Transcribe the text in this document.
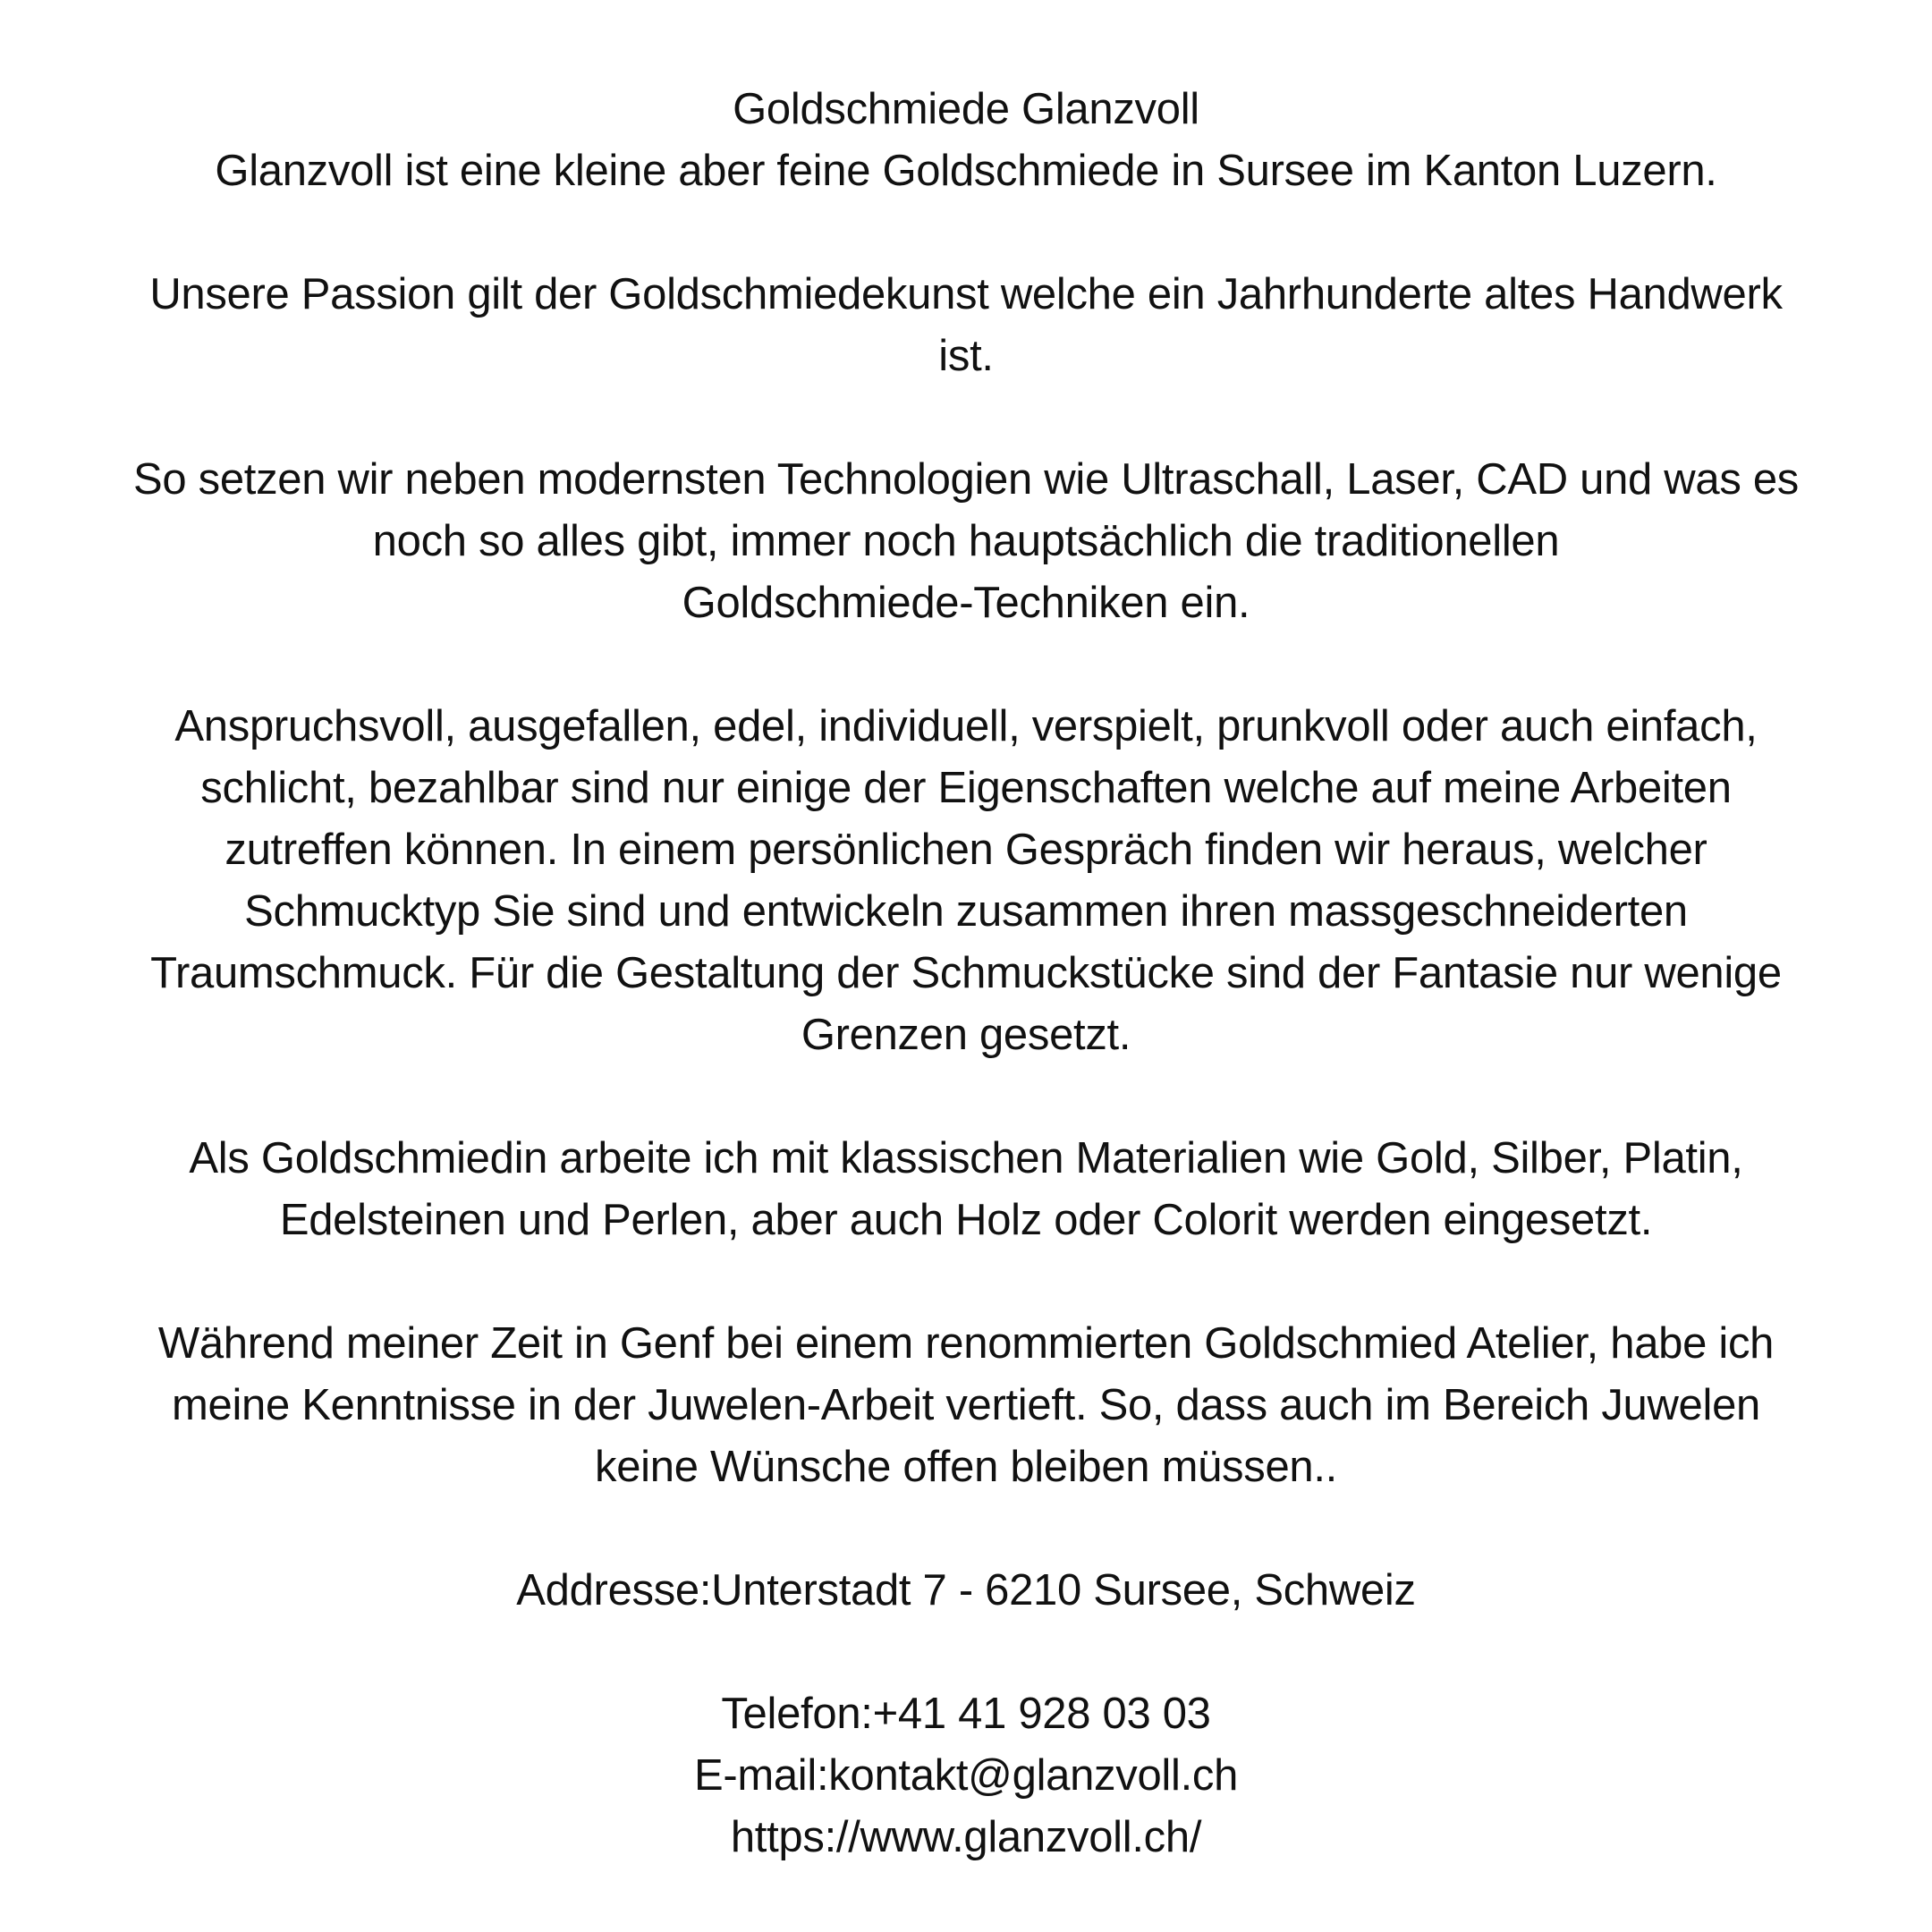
Goldschmiede Glanzvoll
Glanzvoll ist eine kleine aber feine Goldschmiede in Sursee im Kanton Luzern.
Unsere Passion gilt der Goldschmiedekunst welche ein Jahrhunderte altes Handwerk
ist.
So setzen wir neben modernsten Technologien wie Ultraschall, Laser, CAD und was es
noch so alles gibt, immer noch hauptsächlich die traditionellen
Goldschmiede-Techniken ein.
Anspruchsvoll, ausgefallen, edel, individuell, verspielt, prunkvoll oder auch einfach,
schlicht, bezahlbar sind nur einige der Eigenschaften welche auf meine Arbeiten
zutreffen können. In einem persönlichen Gespräch finden wir heraus, welcher
Schmucktyp Sie sind und entwickeln zusammen ihren massgeschneiderten
Traumschmuck. Für die Gestaltung der Schmuckstücke sind der Fantasie nur wenige
Grenzen gesetzt.
Als Goldschmiedin arbeite ich mit klassischen Materialien wie Gold, Silber, Platin,
Edelsteinen und Perlen, aber auch Holz oder Colorit werden eingesetzt.
Während meiner Zeit in Genf bei einem renommierten Goldschmied Atelier, habe ich
meine Kenntnisse in der Juwelen-Arbeit vertieft. So, dass auch im Bereich Juwelen
keine Wünsche offen bleiben müssen..
Addresse:Unterstadt 7 - 6210 Sursee, Schweiz
Telefon:+41 41 928 03 03
E-mail:kontakt@glanzvoll.ch
https://www.glanzvoll.ch/
